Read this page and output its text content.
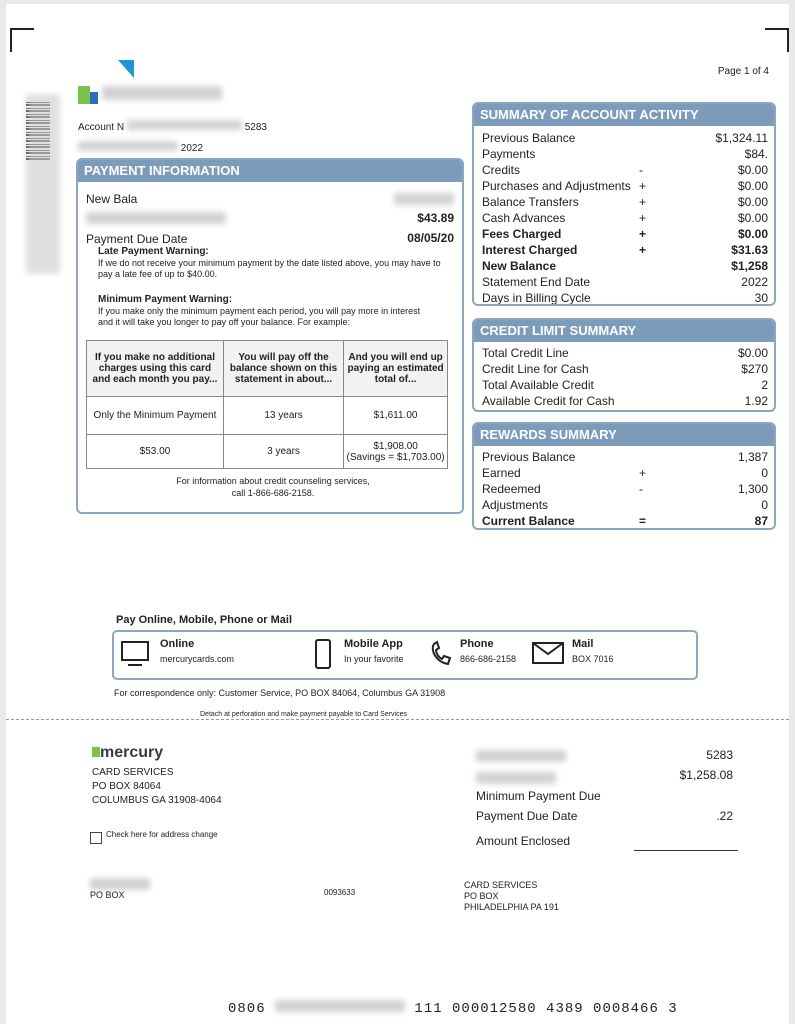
Page 1 of 4
Account N	5283
2022
PAYMENT INFORMATION
New Bala
$43.89
Payment Due Date	08/05/20
Late Payment Warning:
If we do not receive your minimum payment by the date listed above, you may have to pay a late fee of up to $40.00.
Minimum Payment Warning:
If you make only the minimum payment each period, you will pay more in interest
and it will take you longer to pay off your balance. For example:
If you make no additional charges using this card and each month you pay...	You will pay off the balance shown on this statement in about...	And you will end up paying an estimated total of...
Only the Minimum Payment	13 years	$1,611.00
$53.00	3 years	$1,908.00
(Savings = $1,703.00)
For information about credit counseling services,
call 1-866-686-2158.
SUMMARY OF ACCOUNT ACTIVITY
Previous Balance	$1,324.11
Payments	$84.
Credits	-	$0.00
Purchases and Adjustments +	$0.00
Balance Transfers	+	$0.00
Cash Advances	+	$0.00
Fees Charged	+	$0.00
Interest Charged	+	$31.63
New Balance	$1,258
Statement End Date	2022
Days in Billing Cycle	30
CREDIT LIMIT SUMMARY
Total Credit Line	$0.00
Credit Line for Cash	$270
Total Available Credit	2
Available Credit for Cash	1.92
REWARDS SUMMARY
Previous Balance	1,387
Earned	+	0
Redeemed	-	1,300
Adjustments	0
Current Balance	=	87
Pay Online, Mobile, Phone or Mail
Online
mercurycards.com
Mobile App
In your favorite
Phone
866-686-2158
Mail
BOX 7016
For correspondence only: Customer Service, PO BOX 84064, Columbus GA 31908
Detach at perforation and make payment payable to Card Services
mercury
CARD SERVICES
PO BOX 84064
COLUMBUS GA 31908-4064
Check here for address change
5283
$1,258.08
Minimum Payment Due
Payment Due Date	.22
Amount Enclosed
PO BOX	0093633
CARD SERVICES
PO BOX
PHILADELPHIA PA 191
0806	111 000012580 4389 0008466 3
